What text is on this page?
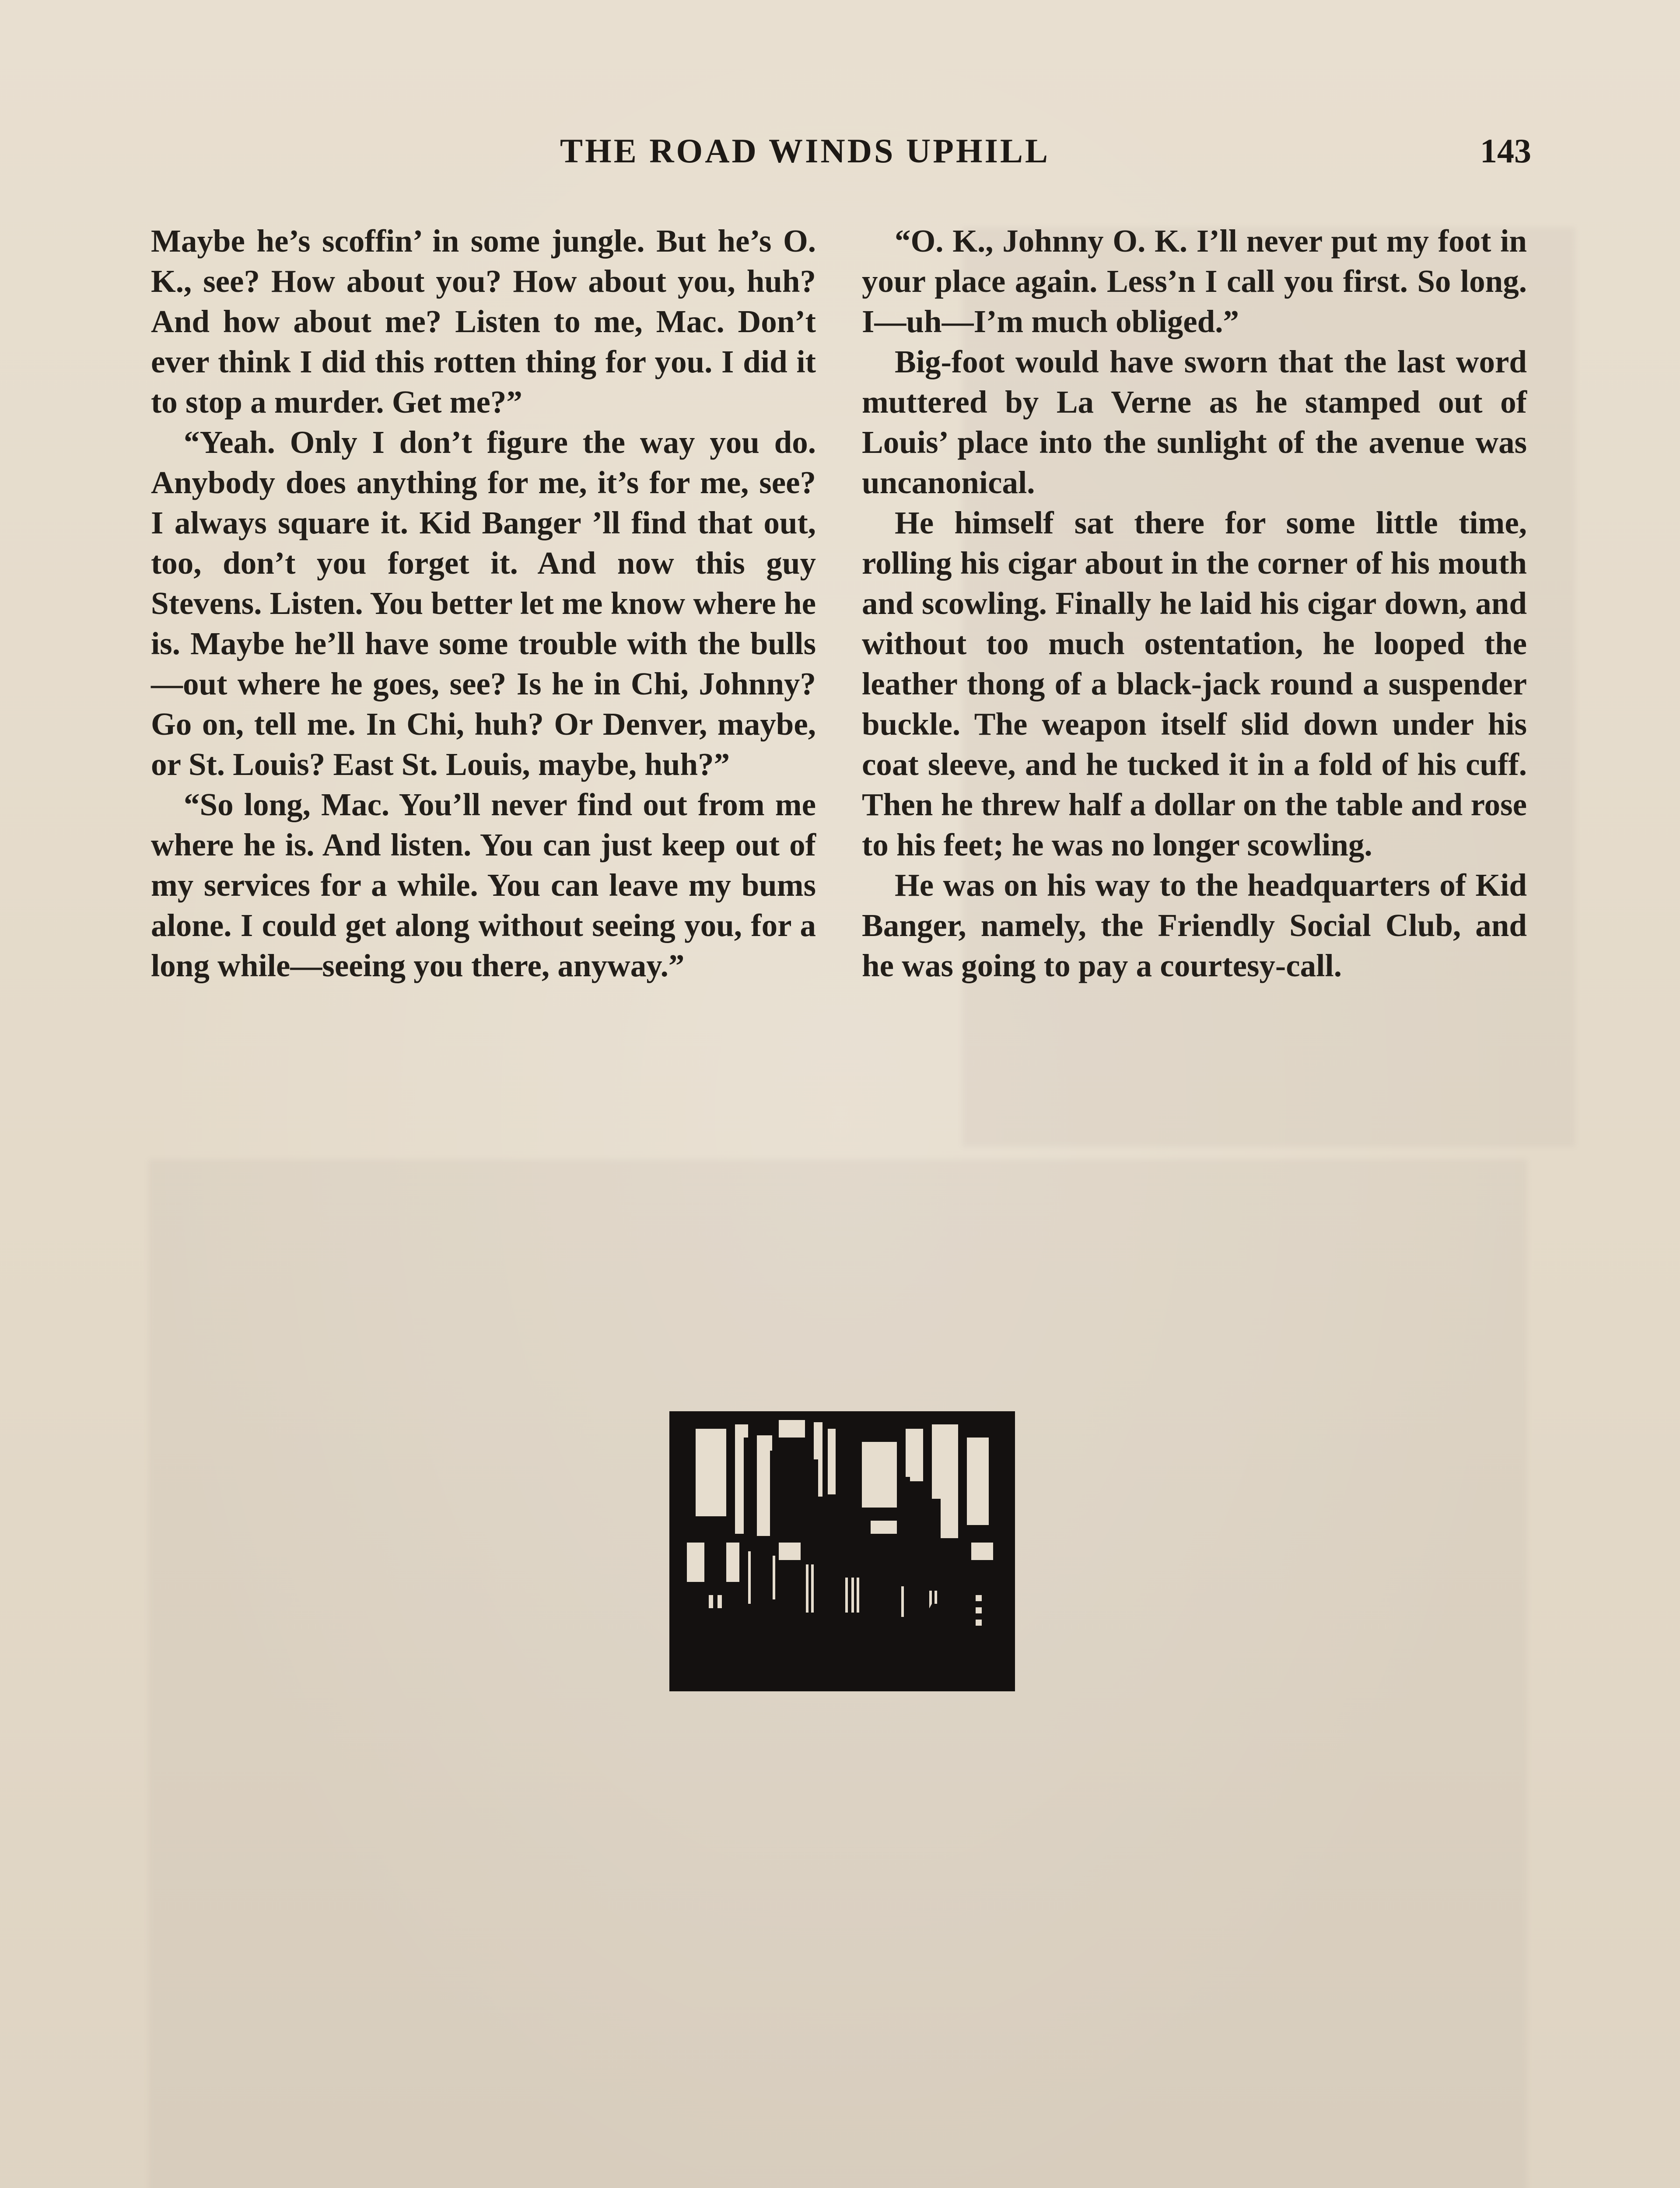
THE ROAD WINDS UPHILL	143

Maybe he’s scoffin’ in some jungle. But he’s O. K., see? How about you? How about you, huh? And how about me? Listen to me, Mac. Don’t ever think I did this rotten thing for you. I did it to stop a murder. Get me?”

“Yeah. Only I don’t figure the way you do. Anybody does anything for me, it’s for me, see? I always square it. Kid Banger ’ll find that out, too, don’t you forget it. And now this guy Stevens. Listen. You better let me know where he is. Maybe he’ll have some trouble with the bulls—out where he goes, see? Is he in Chi, Johnny? Go on, tell me. In Chi, huh? Or Denver, maybe, or St. Louis? East St. Louis, maybe, huh?”

“So long, Mac. You’ll never find out from me where he is. And listen. You can just keep out of my services for a while. You can leave my bums alone. I could get along without seeing you, for a long while—seeing you there, anyway.”

“O. K., Johnny O. K. I’ll never put my foot in your place again. Less’n I call you first. So long. I—uh—I’m much obliged.”

Big-foot would have sworn that the last word muttered by La Verne as he stamped out of Louis’ place into the sunlight of the avenue was uncanonical.

He himself sat there for some little time, rolling his cigar about in the corner of his mouth and scowling. Finally he laid his cigar down, and without too much ostentation, he looped the leather thong of a black-jack round a suspender buckle. The weapon itself slid down under his coat sleeve, and he tucked it in a fold of his cuff. Then he threw half a dollar on the table and rose to his feet; he was no longer scowling.

He was on his way to the headquarters of Kid Banger, namely, the Friendly Social Club, and he was going to pay a courtesy-call.
